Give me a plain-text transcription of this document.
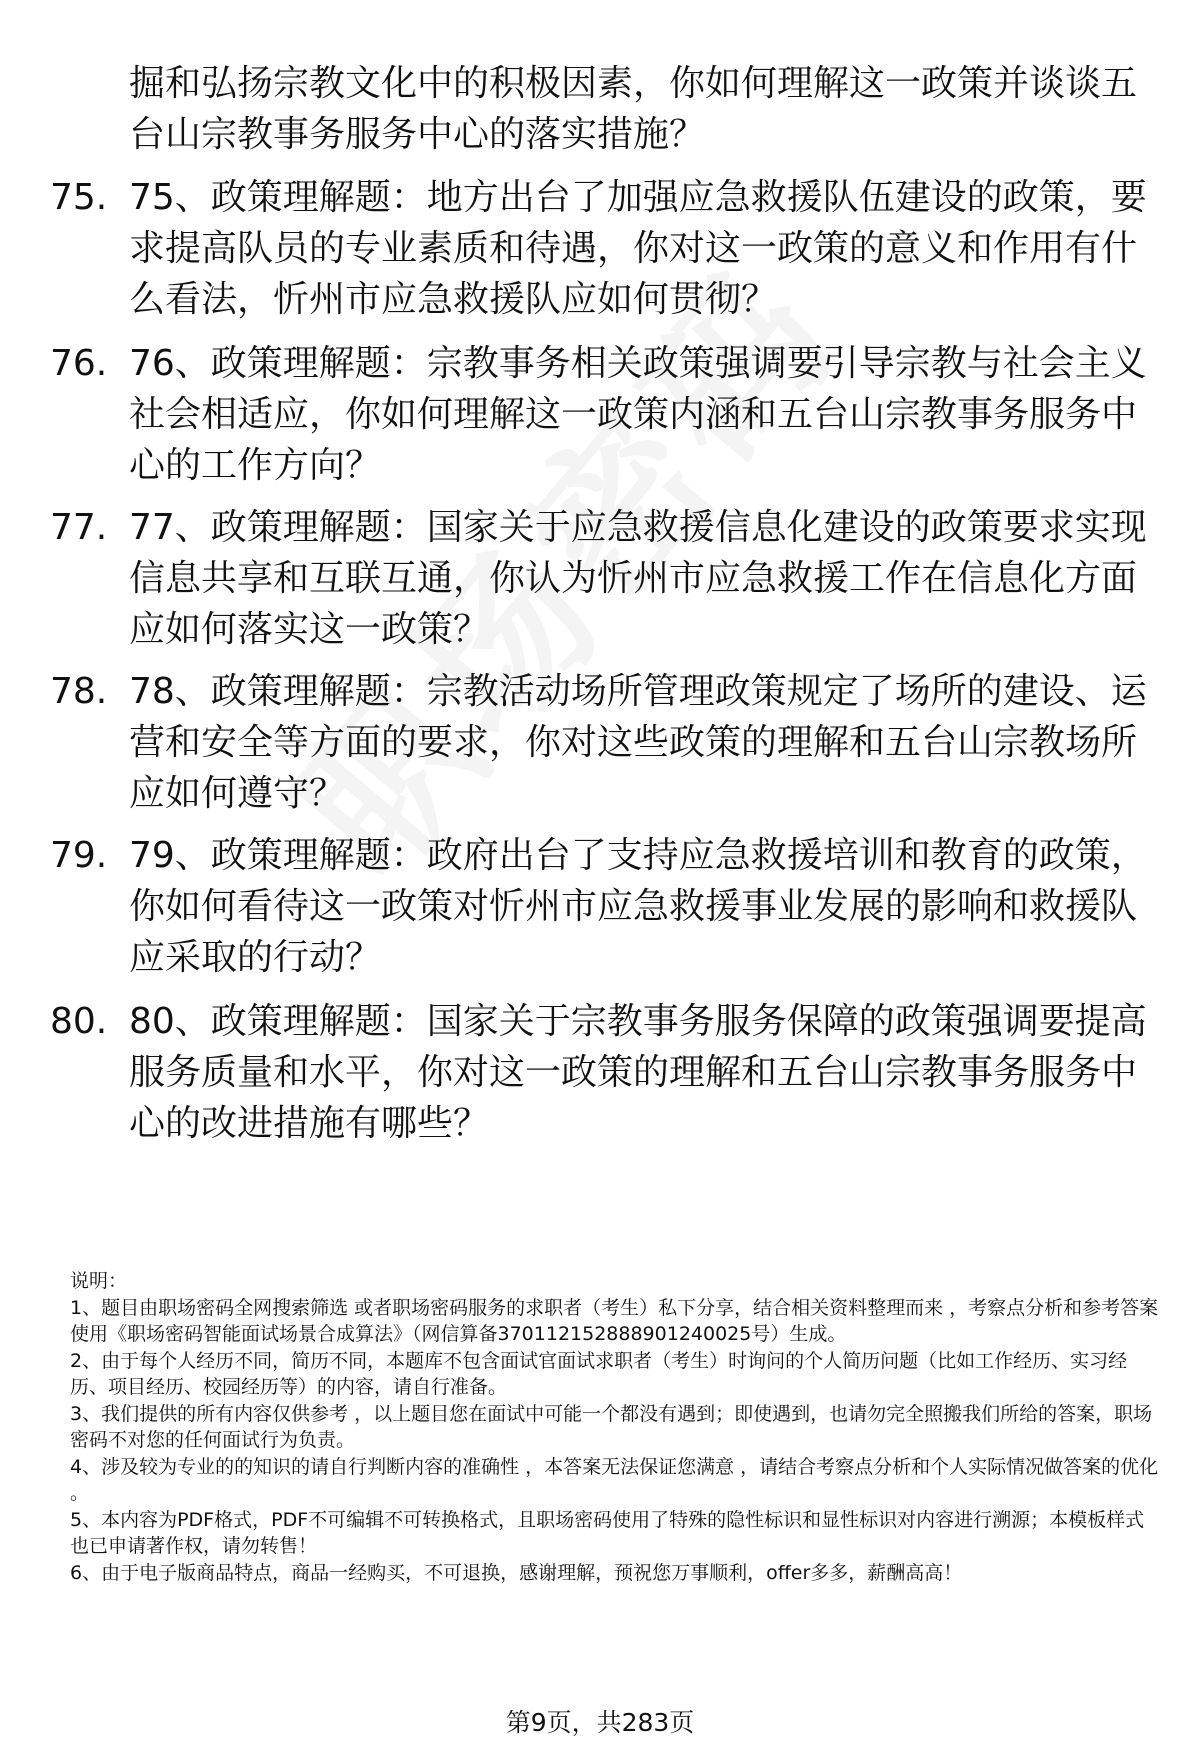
掘和弘扬宗教文化中的积极因素，你如何理解这一政策并谈谈五台山宗教事务服务中心的落实措施？
75. 75、政策理解题：地方出台了加强应急救援队伍建设的政策，要求提高队员的专业素质和待遇，你对这一政策的意义和作用有什么看法，忻州市应急救援队应如何贯彻？
76. 76、政策理解题：宗教事务相关政策强调要引导宗教与社会主义社会相适应，你如何理解这一政策内涵和五台山宗教事务服务中心的工作方向？
77. 77、政策理解题：国家关于应急救援信息化建设的政策要求实现信息共享和互联互通，你认为忻州市应急救援工作在信息化方面应如何落实这一政策？
78. 78、政策理解题：宗教活动场所管理政策规定了场所的建设、运营和安全等方面的要求，你对这些政策的理解和五台山宗教场所应如何遵守？
79. 79、政策理解题：政府出台了支持应急救援培训和教育的政策，你如何看待这一政策对忻州市应急救援事业发展的影响和救援队应采取的行动？
80. 80、政策理解题：国家关于宗教事务服务保障的政策强调要提高服务质量和水平，你对这一政策的理解和五台山宗教事务服务中心的改进措施有哪些？
说明：
1、题目由职场密码全网搜索筛选 或者职场密码服务的求职者（考生）私下分享，结合相关资料整理而来 ，考察点分析和参考答案使用《职场密码智能面试场景合成算法》（网信算备370112152888901240025号）生成。
2、由于每个人经历不同，简历不同，本题库不包含面试官面试求职者（考生）时询问的个人简历问题（比如工作经历、实习经历、项目经历、校园经历等）的内容，请自行准备。
3、我们提供的所有内容仅供参考 ，以上题目您在面试中可能一个都没有遇到；即使遇到，也请勿完全照搬我们所给的答案，职场密码不对您的任何面试行为负责。
4、涉及较为专业的的知识的请自行判断内容的准确性 ，本答案无法保证您满意 ，请结合考察点分析和个人实际情况做答案的优化 。
5、本内容为PDF格式，PDF不可编辑不可转换格式，且职场密码使用了特殊的隐性标识和显性标识对内容进行溯源；本模板样式也已申请著作权，请勿转售！
6、由于电子版商品特点，商品一经购买，不可退换，感谢理解，预祝您万事顺利，offer多多，薪酬高高！
第9页，共283页
